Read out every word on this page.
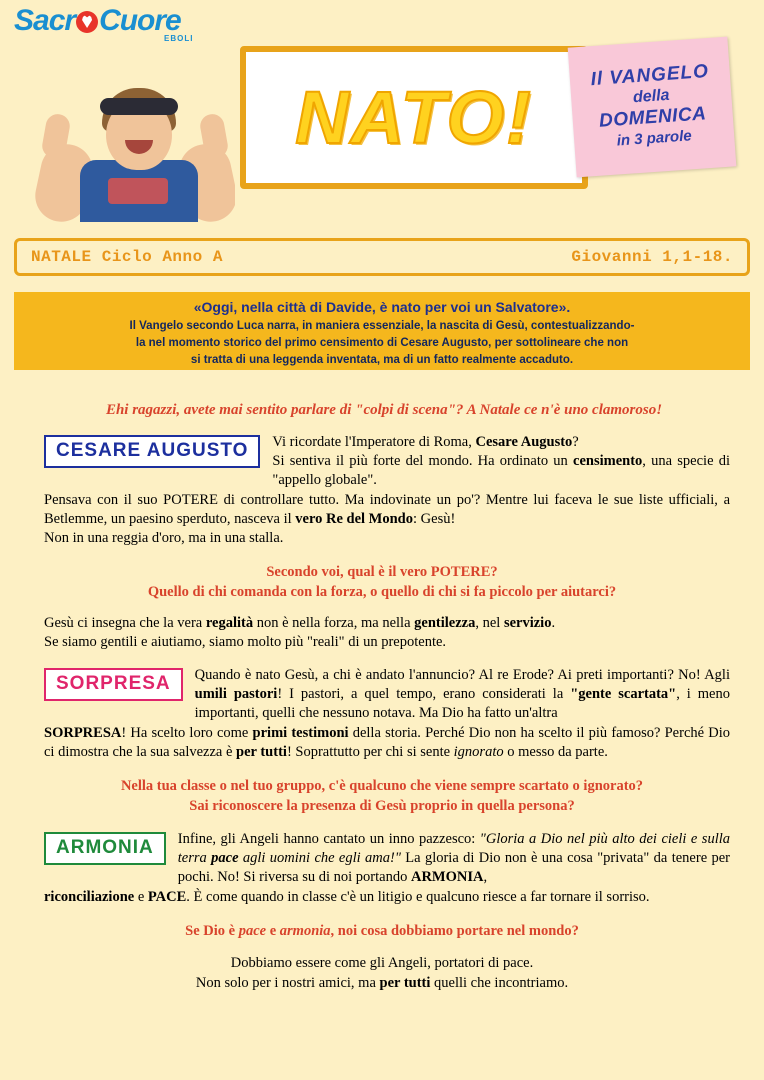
Sacr Cuore
EBOLI
NATO!
Il VANGELO
della
DOMENICA
in 3 parole
NATALE Ciclo Anno A	Giovanni 1,1-18.
«Oggi, nella città di Davide, è nato per voi un Salvatore».
Il Vangelo secondo Luca narra, in maniera essenziale, la nascita di Gesù, contestualizzando-
la nel momento storico del primo censimento di Cesare Augusto, per sottolineare che non
si tratta di una leggenda inventata, ma di un fatto realmente accaduto.
Ehi ragazzi, avete mai sentito parlare di "colpi di scena"? A Natale ce n'è uno clamoroso!
CESARE AUGUSTO	Vi ricordate l'Imperatore di Roma, Cesare Augusto?
Si sentiva il più forte del mondo. Ha ordinato un censimento, una specie di "appello globale".
Pensava con il suo POTERE di controllare tutto. Ma indovinate un po'? Mentre lui faceva le sue liste ufficiali, a Betlemme, un paesino sperduto, nasceva il vero Re del Mondo: Gesù!
Non in una reggia d'oro, ma in una stalla.
Secondo voi, qual è il vero POTERE?
Quello di chi comanda con la forza, o quello di chi si fa piccolo per aiutarci?
Gesù ci insegna che la vera regalità non è nella forza, ma nella gentilezza, nel servizio.
Se siamo gentili e aiutiamo, siamo molto più "reali" di un prepotente.
SORPRESA	Quando è nato Gesù, a chi è andato l'annuncio? Al re Erode? Ai preti importanti? No! Agli umili pastori! I pastori, a quel tempo, erano considerati la "gente scartata", i meno importanti, quelli che nessuno notava. Ma Dio ha fatto un'altra
SORPRESA! Ha scelto loro come primi testimoni della storia. Perché Dio non ha scelto il più famoso? Perché Dio ci dimostra che la sua salvezza è per tutti! Soprattutto per chi si sente ignorato o messo da parte.
Nella tua classe o nel tuo gruppo, c'è qualcuno che viene sempre scartato o ignorato?
Sai riconoscere la presenza di Gesù proprio in quella persona?
ARMONIA	Infine, gli Angeli hanno cantato un inno pazzesco: "Gloria a Dio nel più alto dei cieli e sulla terra pace agli uomini che egli ama!" La gloria di Dio non è una cosa "privata" da tenere per pochi. No! Si riversa su di noi portando ARMONIA,
riconciliazione e PACE. È come quando in classe c'è un litigio e qualcuno riesce a far tornare il sorriso.
Se Dio è pace e armonia, noi cosa dobbiamo portare nel mondo?
Dobbiamo essere come gli Angeli, portatori di pace.
Non solo per i nostri amici, ma per tutti quelli che incontriamo.
